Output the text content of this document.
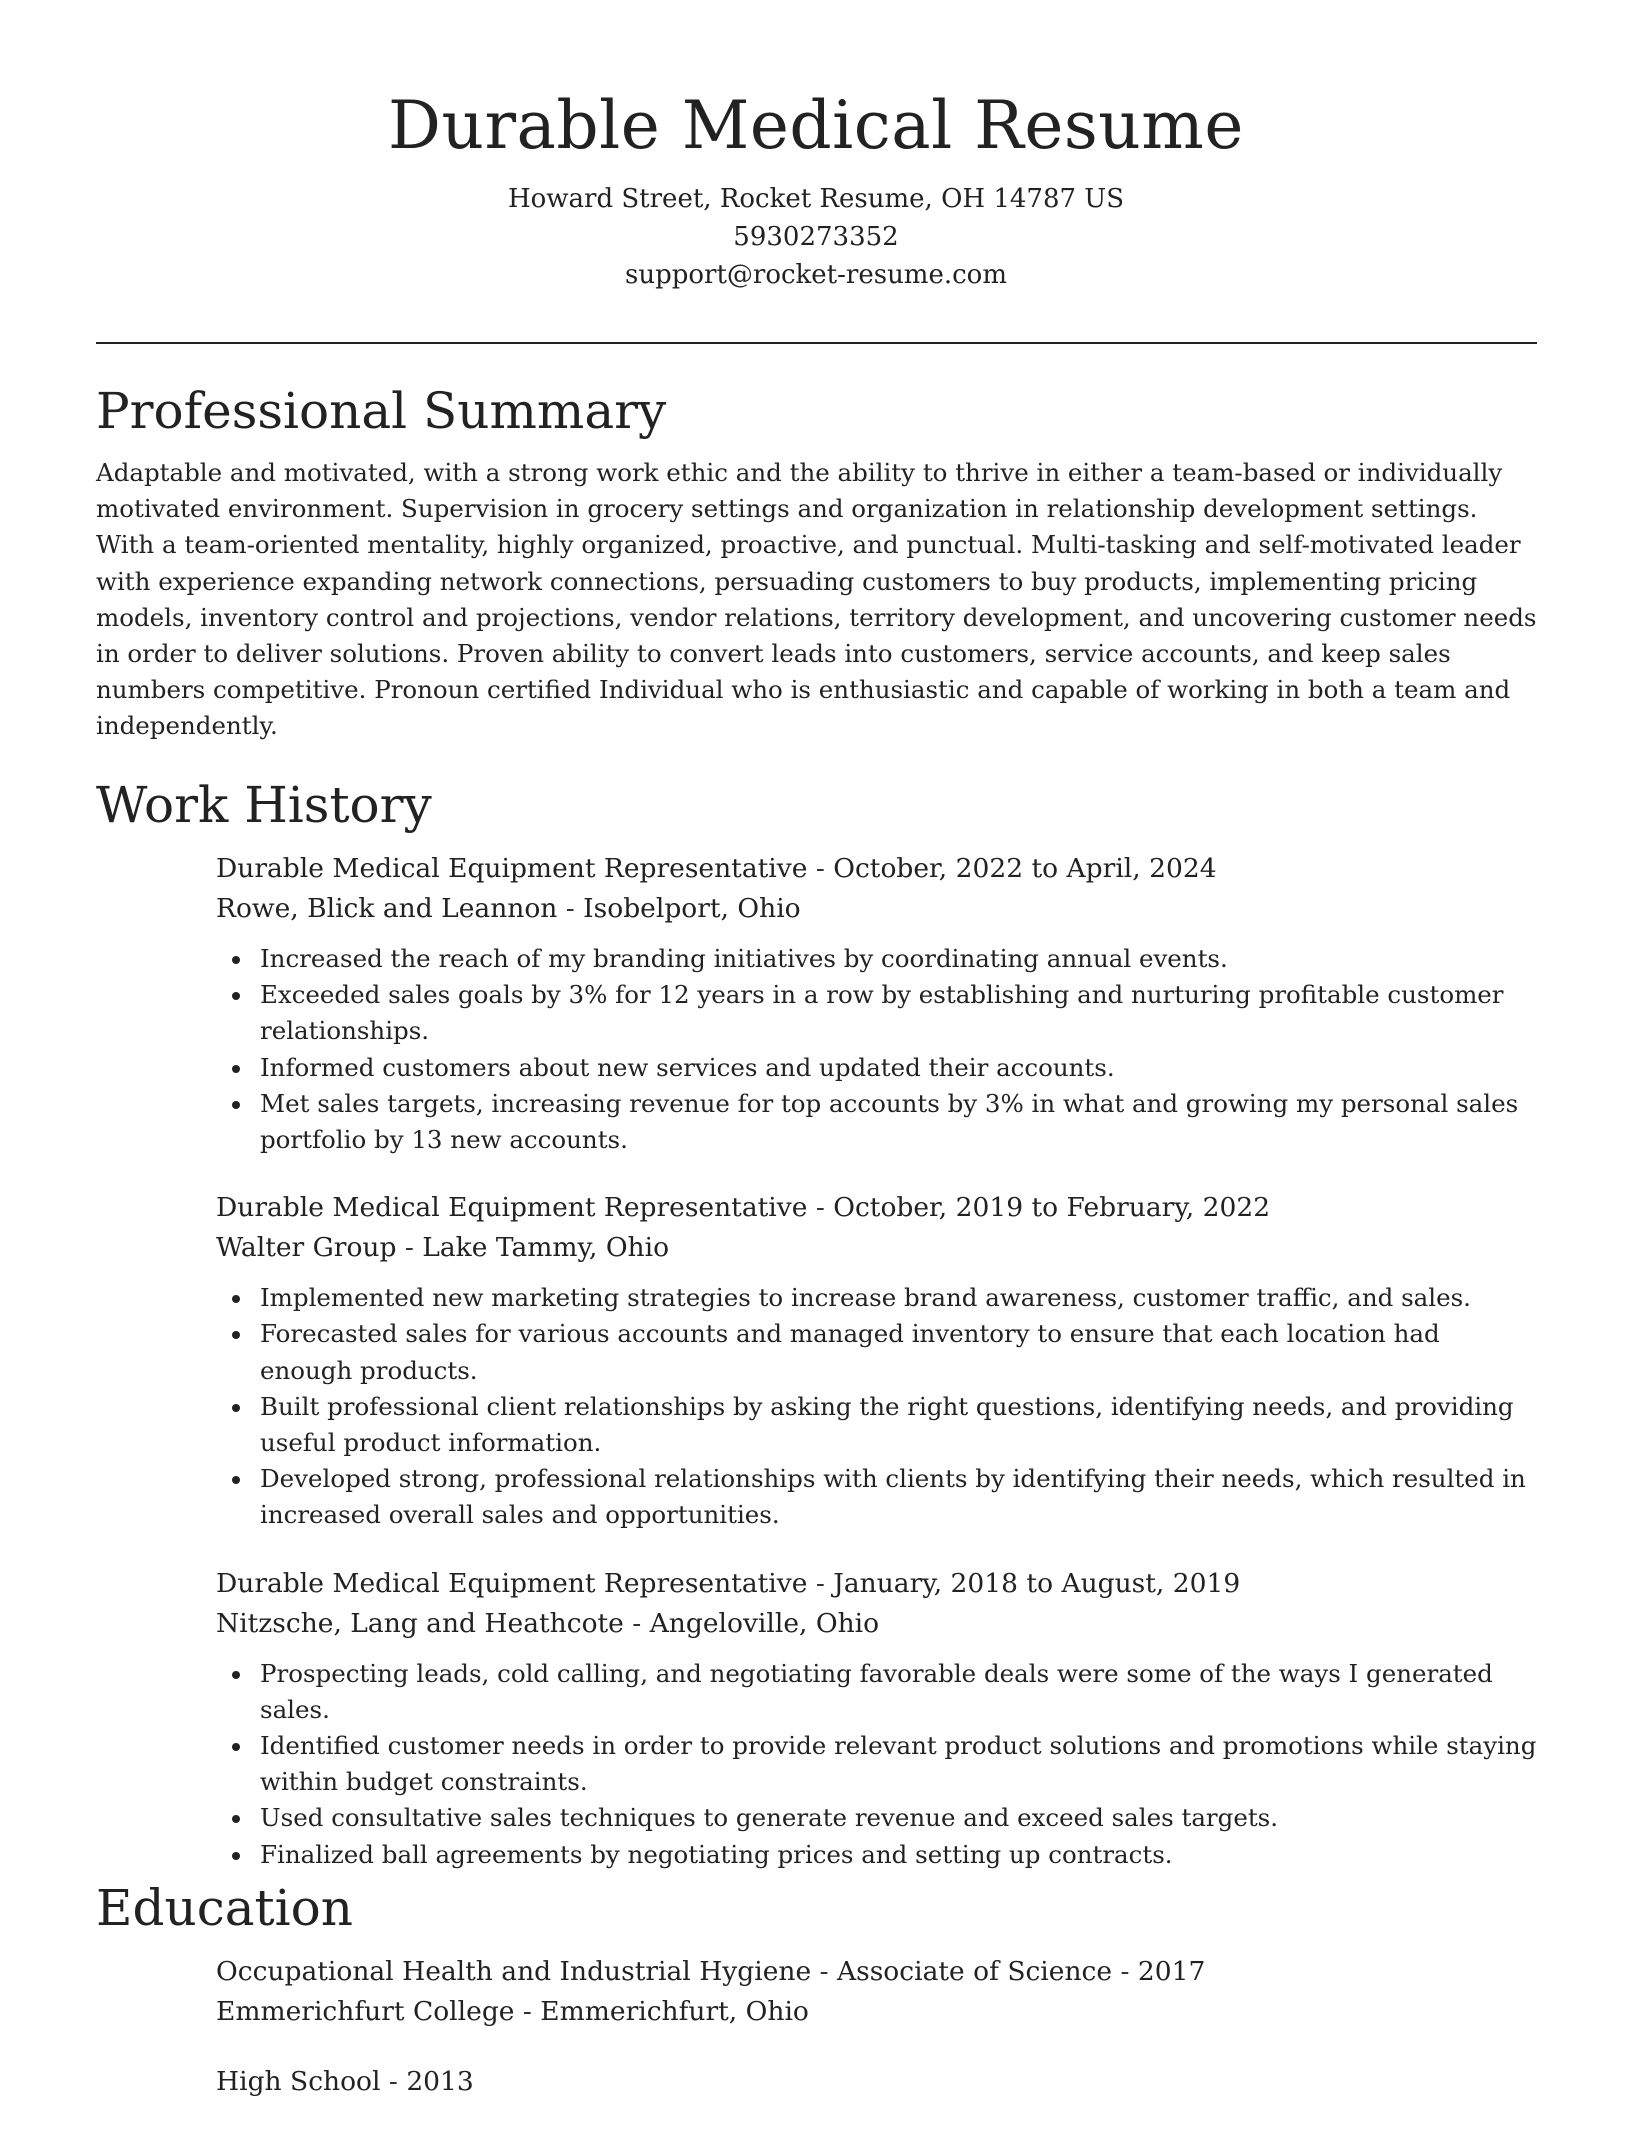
Durable Medical Resume

Howard Street, Rocket Resume, OH 14787 US

5930273352

support@rocket-resume.com

Professional Summary

Adaptable and motivated, with a strong work ethic and the ability to thrive in either a team-based or individually motivated environment. Supervision in grocery settings and organization in relationship development settings. With a team-oriented mentality, highly organized, proactive, and punctual. Multi-tasking and self-motivated leader with experience expanding network connections, persuading customers to buy products, implementing pricing models, inventory control and projections, vendor relations, territory development, and uncovering customer needs in order to deliver solutions. Proven ability to convert leads into customers, service accounts, and keep sales numbers competitive. Pronoun certified Individual who is enthusiastic and capable of working in both a team and independently.

Work History

Durable Medical Equipment Representative - October, 2022 to April, 2024

Rowe, Blick and Leannon - Isobelport, Ohio

Increased the reach of my branding initiatives by coordinating annual events.
Exceeded sales goals by 3% for 12 years in a row by establishing and nurturing profitable customer relationships.
Informed customers about new services and updated their accounts.
Met sales targets, increasing revenue for top accounts by 3% in what and growing my personal sales portfolio by 13 new accounts.

Durable Medical Equipment Representative - October, 2019 to February, 2022

Walter Group - Lake Tammy, Ohio

Implemented new marketing strategies to increase brand awareness, customer traffic, and sales.
Forecasted sales for various accounts and managed inventory to ensure that each location had enough products.
Built professional client relationships by asking the right questions, identifying needs, and providing useful product information.
Developed strong, professional relationships with clients by identifying their needs, which resulted in increased overall sales and opportunities.

Durable Medical Equipment Representative - January, 2018 to August, 2019

Nitzsche, Lang and Heathcote - Angeloville, Ohio

Prospecting leads, cold calling, and negotiating favorable deals were some of the ways I generated sales.
Identified customer needs in order to provide relevant product solutions and promotions while staying within budget constraints.
Used consultative sales techniques to generate revenue and exceed sales targets.
Finalized ball agreements by negotiating prices and setting up contracts.
Education

Occupational Health and Industrial Hygiene - Associate of Science - 2017

Emmerichfurt College - Emmerichfurt, Ohio

High School - 2013
